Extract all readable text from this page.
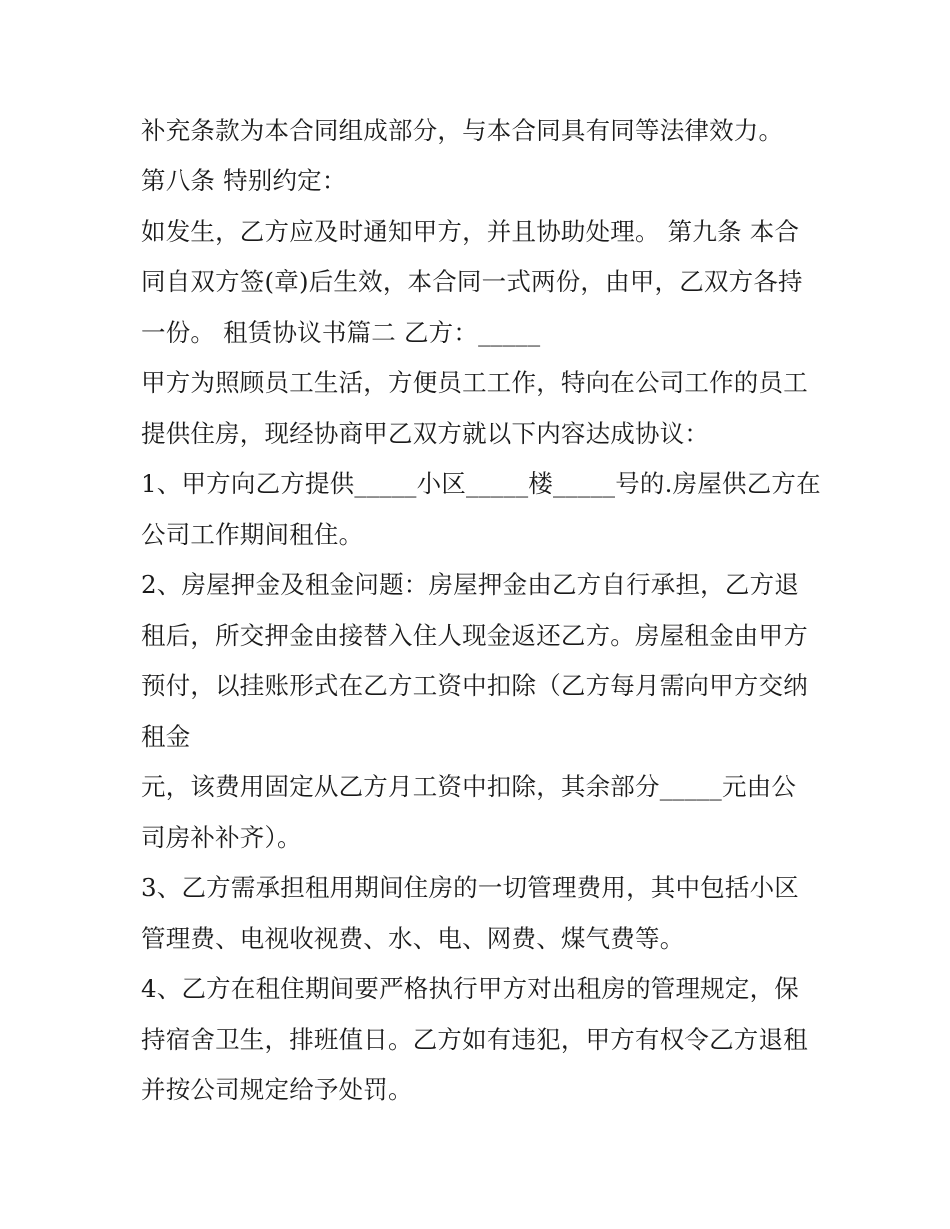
补充条款为本合同组成部分，与本合同具有同等法律效力。
第八条 特别约定：
如发生，乙方应及时通知甲方，并且协助处理。 第九条 本合
同自双方签(章)后生效，本合同一式两份，由甲，乙双方各持
一份。 租赁协议书篇二 乙方：_____
甲方为照顾员工生活，方便员工工作，特向在公司工作的员工
提供住房，现经协商甲乙双方就以下内容达成协议：
1、甲方向乙方提供_____小区_____楼_____号的.房屋供乙方在
公司工作期间租住。
2、房屋押金及租金问题：房屋押金由乙方自行承担，乙方退
租后，所交押金由接替入住人现金返还乙方。房屋租金由甲方
预付，以挂账形式在乙方工资中扣除（乙方每月需向甲方交纳
租金
元，该费用固定从乙方月工资中扣除，其余部分_____元由公
司房补补齐）。
3、乙方需承担租用期间住房的一切管理费用，其中包括小区
管理费、电视收视费、水、电、网费、煤气费等。
4、乙方在租住期间要严格执行甲方对出租房的管理规定，保
持宿舍卫生，排班值日。乙方如有违犯，甲方有权令乙方退租
并按公司规定给予处罚。
